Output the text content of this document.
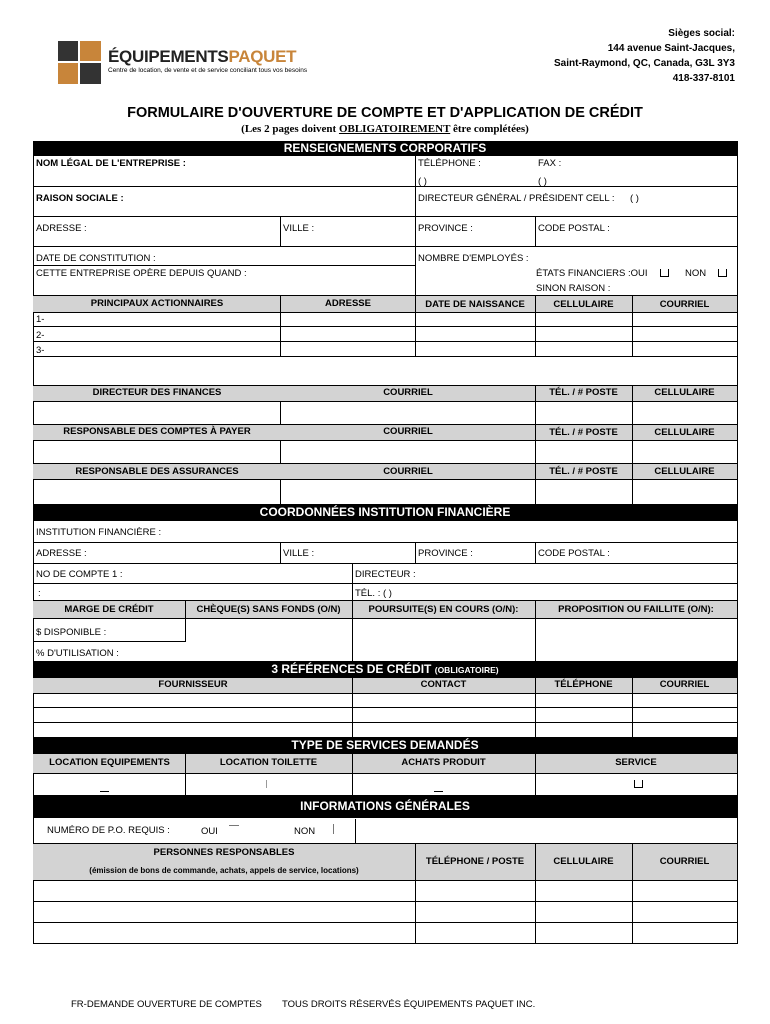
ÉQUIPEMENTSPAQUET
Centre de location, de vente et de service conciliant tous vos besoins
Sièges social:
144 avenue Saint-Jacques,
Saint-Raymond, QC, Canada, G3L 3Y3
418-337-8101
FORMULAIRE D'OUVERTURE DE COMPTE ET D'APPLICATION DE CRÉDIT
(Les 2 pages doivent OBLIGATOIREMENT être complétées)
RENSEIGNEMENTS CORPORATIFS
NOM LÉGAL DE L'ENTREPRISE :	TÉLÉPHONE :	FAX :
( )	( )
RAISON SOCIALE :	DIRECTEUR GÉNÉRAL / PRÉSIDENT CELL : ( )
ADRESSE :	VILLE :	PROVINCE :	CODE POSTAL :
DATE DE CONSTITUTION :
CETTE ENTREPRISE OPÈRE DEPUIS QUAND :
NOMBRE D'EMPLOYÉS :
ÉTATS FINANCIERS :OUI	NON
SINON RAISON :
PRINCIPAUX ACTIONNAIRES	ADRESSE	DATE DE NAISSANCE	CELLULAIRE	COURRIEL
1-
2-
3-
DIRECTEUR DES FINANCES	COURRIEL	TÉL. / # POSTE	CELLULAIRE
RESPONSABLE DES COMPTES À PAYER	COURRIEL	TÉL. / # POSTE	CELLULAIRE
RESPONSABLE DES ASSURANCES	COURRIEL	TÉL. / # POSTE	CELLULAIRE
COORDONNÉES INSTITUTION FINANCIÈRE
INSTITUTION FINANCIÈRE :
ADRESSE :	VILLE :	PROVINCE :	CODE POSTAL :
NO DE COMPTE 1 :	DIRECTEUR :
:	TÉL. : ( )
MARGE DE CRÉDIT	CHÈQUE(S) SANS FONDS (O/N)	POURSUITE(S) EN COURS (O/N):	PROPOSITION OU FAILLITE (O/N):
$ DISPONIBLE :
% D'UTILISATION :
3 RÉFÉRENCES DE CRÉDIT (OBLIGATOIRE)
FOURNISSEUR	CONTACT	TÉLÉPHONE	COURRIEL
TYPE DE SERVICES DEMANDÉS
LOCATION EQUIPEMENTS	LOCATION TOILETTE	ACHATS PRODUIT	SERVICE
INFORMATIONS GÉNÉRALES
NUMÉRO DE P.O. REQUIS :	OUI	NON
PERSONNES RESPONSABLES
(émission de bons de commande, achats, appels de service, locations)
TÉLÉPHONE / POSTE	CELLULAIRE	COURRIEL
FR-DEMANDE OUVERTURE DE COMPTES TOUS DROITS RÉSERVÉS ÉQUIPEMENTS PAQUET INC.
